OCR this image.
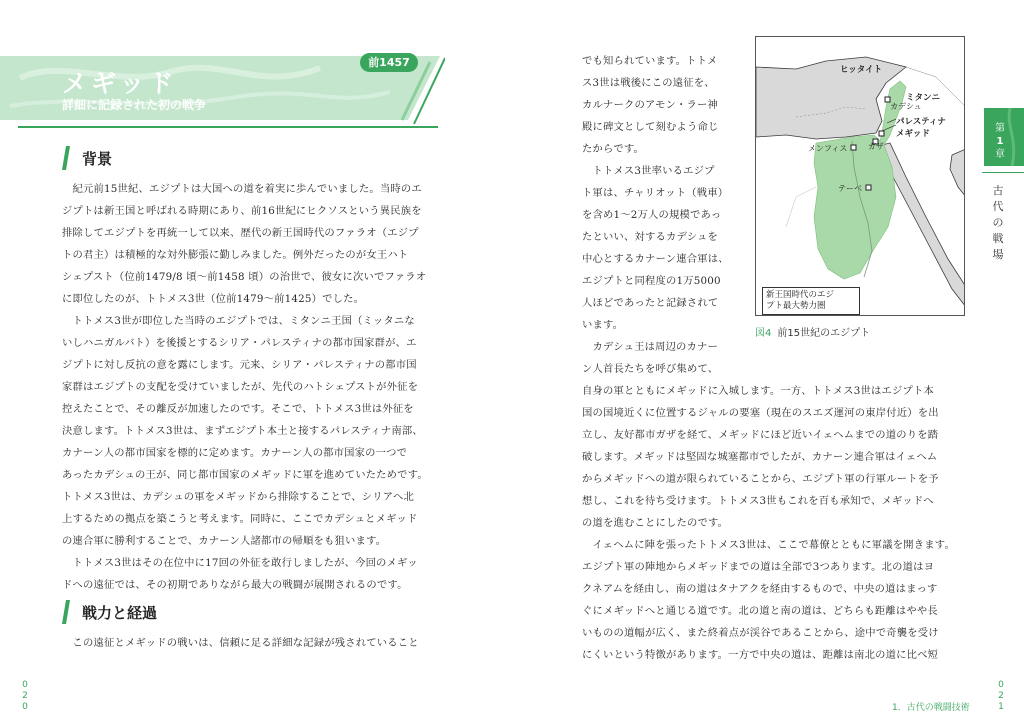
メギッド
詳細に記録された初の戦争
前1457
背景
　紀元前15世紀、エジプトは大国への道を着実に歩んでいました。当時のエ
ジプトは新王国と呼ばれる時期にあり、前16世紀にヒクソスという異民族を
排除してエジプトを再統一して以来、歴代の新王国時代のファラオ（エジプ
トの君主）は積極的な対外膨張に勤しみました。例外だったのが女王ハト
シェプスト（位前1479/8 頃〜前1458 頃）の治世で、彼女に次いでファラオ
に即位したのが、トトメス3世（位前1479〜前1425）でした。
　トトメス3世が即位した当時のエジプトでは、ミタンニ王国（ミッタニな
いしハニガルバト）を後援とするシリア・パレスティナの都市国家群が、エ
ジプトに対し反抗の意を露にします。元来、シリア・パレスティナの都市国
家群はエジプトの支配を受けていましたが、先代のハトシェプストが外征を
控えたことで、その離反が加速したのです。そこで、トトメス3世は外征を
決意します。トトメス3世は、まずエジプト本土と接するパレスティナ南部、
カナーン人の都市国家を標的に定めます。カナーン人の都市国家の一つで
あったカデシュの王が、同じ都市国家のメギッドに軍を進めていたためです。
トトメス3世は、カデシュの軍をメギッドから排除することで、シリアへ北
上するための拠点を築こうと考えます。同時に、ここでカデシュとメギッド
の連合軍に勝利することで、カナーン人諸都市の帰順をも狙います。
　トトメス3世はその在位中に17回の外征を敢行しましたが、今回のメギッ
ドへの遠征では、その初期でありながら最大の戦闘が展開されるのです。
戦力と経過
　この遠征とメギッドの戦いは、信頼に足る詳細な記録が残されていること
0
2
0
でも知られています。トトメ
ス3世は戦後にこの遠征を、
カルナークのアモン・ラー神
殿に碑文として刻むよう命じ
たからです。
　トトメス3世率いるエジプ
ト軍は、チャリオット（戦車）
を含め1〜2万人の規模であっ
たといい、対するカデシュを
中心とするカナーン連合軍は、
エジプトと同程度の1万5000
人ほどであったと記録されて
います。
　カデシュ王は周辺のカナー
ン人首長たちを呼び集めて、
ヒッタイト
ミタンニ
カデシュ
パレスティナ
メギッド
ガザ
メンフィス
テーベ
新王国時代のエジ
プト最大勢力圏
図4 前15世紀のエジプト
自身の軍とともにメギッドに入城します。一方、トトメス3世はエジプト本
国の国境近くに位置するジャルの要塞（現在のスエズ運河の東岸付近）を出
立し、友好都市ガザを経て、メギッドにほど近いイェヘムまでの道のりを踏
破します。メギッドは堅固な城塞都市でしたが、カナーン連合軍はイェヘム
からメギッドへの道が限られていることから、エジプト軍の行軍ルートを予
想し、これを待ち受けます。トトメス3世もこれを百も承知で、メギッドへ
の道を進むことにしたのです。
　イェヘムに陣を張ったトトメス3世は、ここで幕僚とともに軍議を開きます。
エジプト軍の陣地からメギッドまでの道は全部で3つあります。北の道はヨ
クネアムを経由し、南の道はタナアクを経由するもので、中央の道はまっす
ぐにメギッドへと通じる道です。北の道と南の道は、どちらも距離はやや長
いものの道幅が広く、また終着点が渓谷であることから、途中で奇襲を受け
にくいという特徴があります。一方で中央の道は、距離は南北の道に比べ短
第
1
章
古
代
の
戦
場
1．古代の戦闘技術
0
2
1
